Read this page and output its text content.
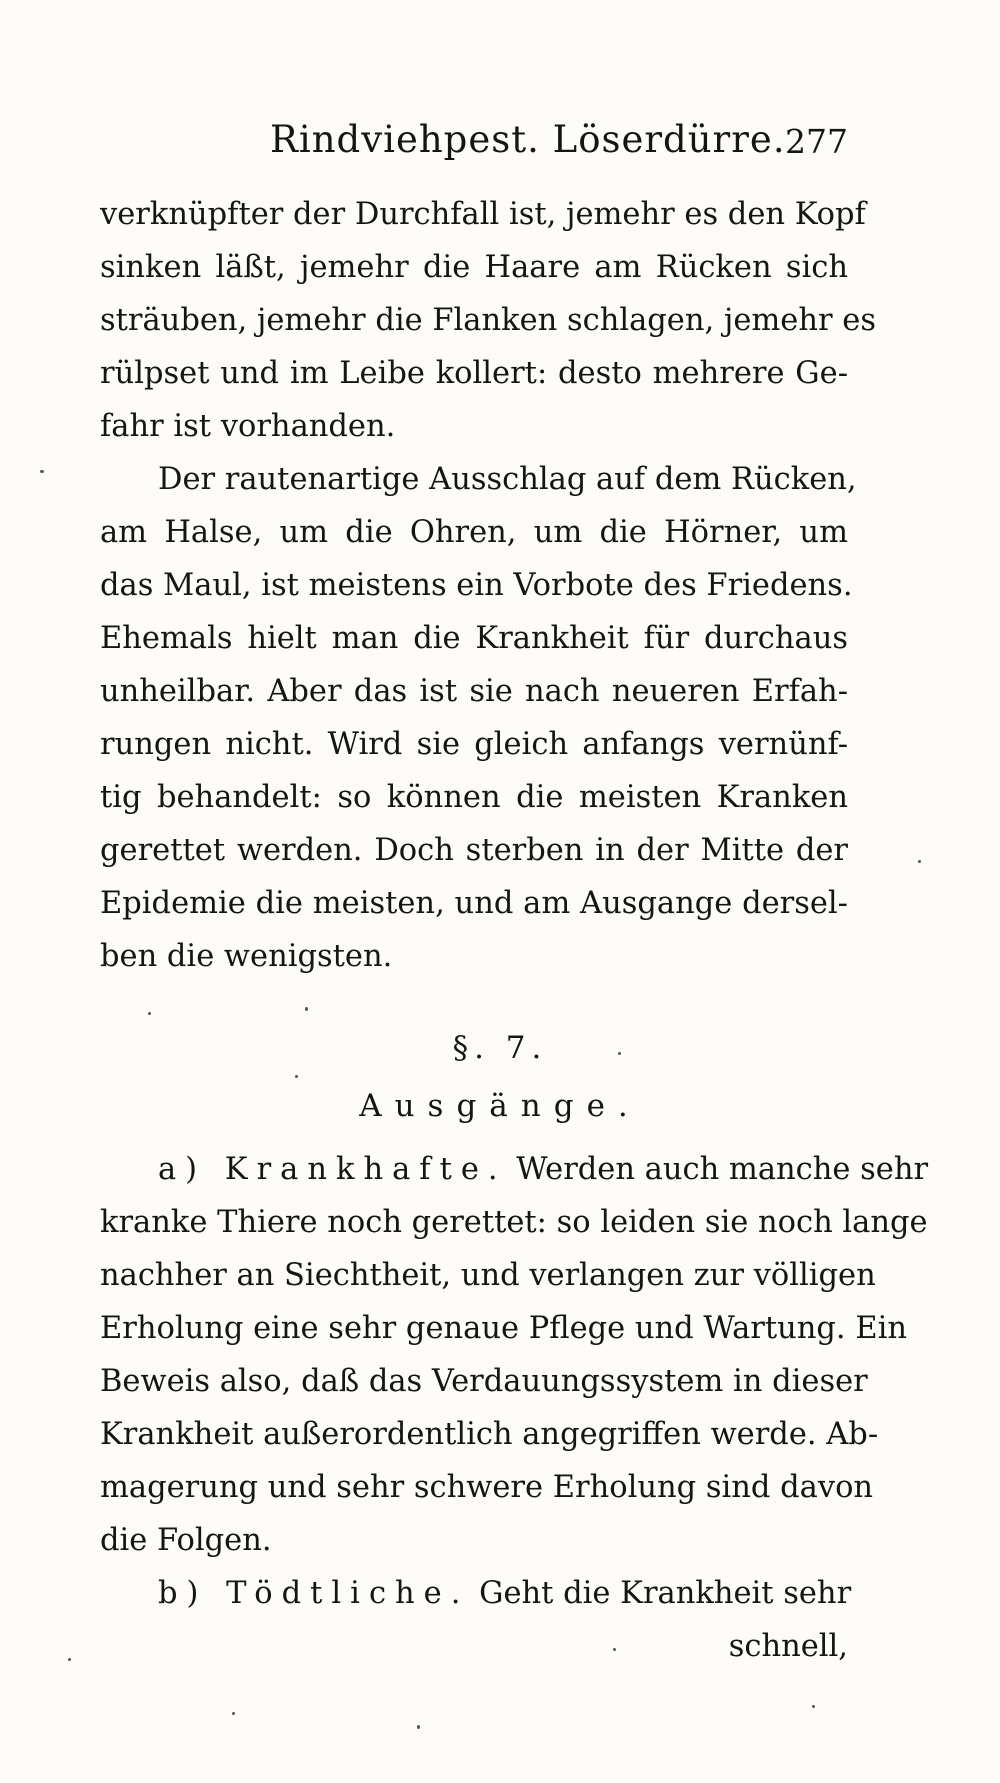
Rindviehpest. Löserdürre. 277
verknüpfter der Durchfall ist, jemehr es den Kopf
sinken läßt, jemehr die Haare am Rücken sich
sträuben, jemehr die Flanken schlagen, jemehr es
rülpset und im Leibe kollert: desto mehrere Ge-
fahr ist vorhanden.
Der rautenartige Ausschlag auf dem Rücken,
am Halse, um die Ohren, um die Hörner, um
das Maul, ist meistens ein Vorbote des Friedens.
Ehemals hielt man die Krankheit für durchaus
unheilbar. Aber das ist sie nach neueren Erfah-
rungen nicht. Wird sie gleich anfangs vernünf-
tig behandelt: so können die meisten Kranken
gerettet werden. Doch sterben in der Mitte der
Epidemie die meisten, und am Ausgange dersel-
ben die wenigsten.
§. 7.
Ausgänge.
a) Krankhafte. Werden auch manche sehr
kranke Thiere noch gerettet: so leiden sie noch lange
nachher an Siechtheit, und verlangen zur völligen
Erholung eine sehr genaue Pflege und Wartung. Ein
Beweis also, daß das Verdauungssystem in dieser
Krankheit außerordentlich angegriffen werde. Ab-
magerung und sehr schwere Erholung sind davon
die Folgen.
b) Tödtliche. Geht die Krankheit sehr
schnell,
